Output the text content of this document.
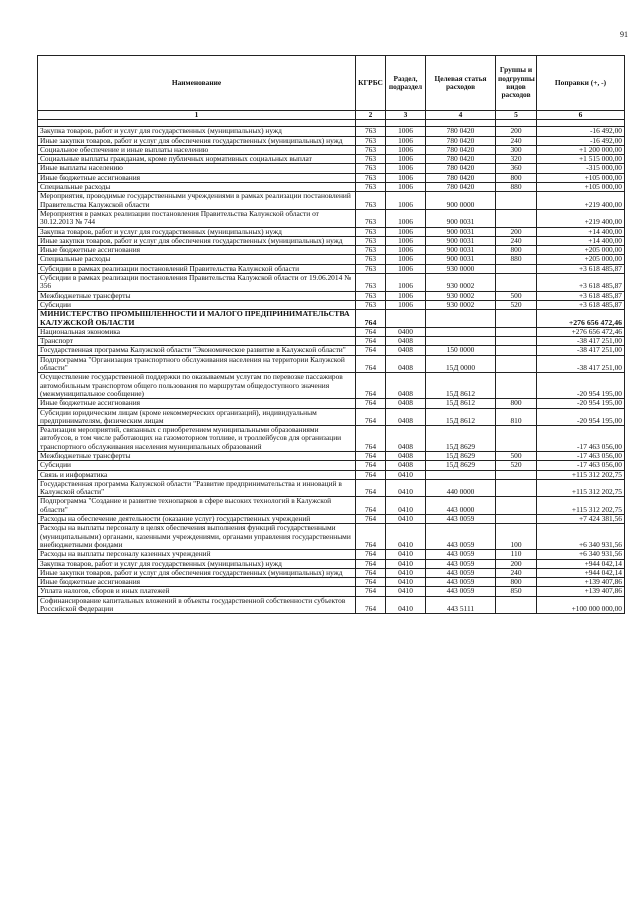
91
Наименование	КГРБС	Раздел, подраздел	Целевая статья расходов	Группы и подгруппы видов расходов	Поправки (+, -)
1	2	3	4	5	6

Закупка товаров, работ и услуг для государственных (муниципальных) нужд	763	1006	780 0420	200	-16 492,00
Иные закупки товаров, работ и услуг для обеспечения государственных (муниципальных) нужд	763	1006	780 0420	240	-16 492,00
Социальное обеспечение и иные выплаты населению	763	1006	780 0420	300	+1 200 000,00
Социальные выплаты гражданам, кроме публичных нормативных социальных выплат	763	1006	780 0420	320	+1 515 000,00
Иные выплаты населению	763	1006	780 0420	360	-315 000,00
Иные бюджетные ассигнования	763	1006	780 0420	800	+105 000,00
Специальные расходы	763	1006	780 0420	880	+105 000,00
Мероприятия, проводимые государственными учреждениями в рамках реализации постановлений Правительства Калужской области	763	1006	900 0000		+219 400,00
Мероприятия в рамках реализации постановления Правительства Калужской области от 30.12.2013 № 744	763	1006	900 0031		+219 400,00
Закупка товаров, работ и услуг для государственных (муниципальных) нужд	763	1006	900 0031	200	+14 400,00
Иные закупки товаров, работ и услуг для обеспечения государственных (муниципальных) нужд	763	1006	900 0031	240	+14 400,00
Иные бюджетные ассигнования	763	1006	900 0031	800	+205 000,00
Специальные расходы	763	1006	900 0031	880	+205 000,00
Субсидии в рамках реализации постановлений Правительства Калужской области	763	1006	930 0000		+3 618 485,87
Субсидии в рамках реализации постановления Правительства Калужской области от 19.06.2014 № 356	763	1006	930 0002		+3 618 485,87
Межбюджетные трансферты	763	1006	930 0002	500	+3 618 485,87
Субсидии	763	1006	930 0002	520	+3 618 485,87
МИНИСТЕРСТВО ПРОМЫШЛЕННОСТИ И МАЛОГО ПРЕДПРИНИМАТЕЛЬСТВА КАЛУЖСКОЙ ОБЛАСТИ	764				+276 656 472,46
Национальная экономика	764	0400			+276 656 472,46
Транспорт	764	0408			-38 417 251,00
Государственная программа Калужской области "Экономическое развитие в Калужской области"	764	0408	150 0000		-38 417 251,00
Подпрограмма "Организация транспортного обслуживания населения на территории Калужской области"	764	0408	15Д 0000		-38 417 251,00
Осуществление государственной поддержки по оказываемым услугам по перевозке пассажиров автомобильным транспортом общего пользования по маршрутам общедоступного значения (межмуниципальное сообщение)	764	0408	15Д 8612		-20 954 195,00
Иные бюджетные ассигнования	764	0408	15Д 8612	800	-20 954 195,00
Субсидии юридическим лицам (кроме некоммерческих организаций), индивидуальным предпринимателям, физическим лицам	764	0408	15Д 8612	810	-20 954 195,00
Реализация мероприятий, связанных с приобретением муниципальными образованиями автобусов, в том числе работающих на газомоторном топливе, и троллейбусов для организации транспортного обслуживания населения муниципальных образований	764	0408	15Д 8629		-17 463 056,00
Межбюджетные трансферты	764	0408	15Д 8629	500	-17 463 056,00
Субсидии	764	0408	15Д 8629	520	-17 463 056,00
Связь и информатика	764	0410			+115 312 202,75
Государственная программа Калужской области "Развитие предпринимательства и инноваций в Калужской области"	764	0410	440 0000		+115 312 202,75
Подпрограмма "Создание и развитие технопарков в сфере высоких технологий в Калужской области"	764	0410	443 0000		+115 312 202,75
Расходы на обеспечение деятельности (оказание услуг) государственных учреждений	764	0410	443 0059		+7 424 381,56
Расходы на выплаты персоналу в целях обеспечения выполнения функций государственными (муниципальными) органами, казенными учреждениями, органами управления государственными внебюджетными фондами	764	0410	443 0059	100	+6 340 931,56
Расходы на выплаты персоналу казенных учреждений	764	0410	443 0059	110	+6 340 931,56
Закупка товаров, работ и услуг для государственных (муниципальных) нужд	764	0410	443 0059	200	+944 042,14
Иные закупки товаров, работ и услуг для обеспечения государственных (муниципальных) нужд	764	0410	443 0059	240	+944 042,14
Иные бюджетные ассигнования	764	0410	443 0059	800	+139 407,86
Уплата налогов, сборов и иных платежей	764	0410	443 0059	850	+139 407,86
Софинансирование капитальных вложений в объекты государственной собственности субъектов Российской Федерации	764	0410	443 5111		+100 000 000,00
